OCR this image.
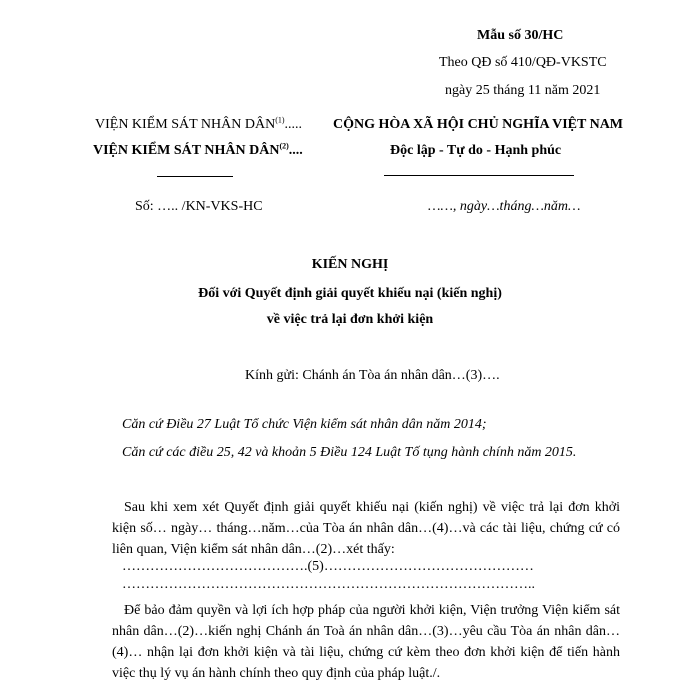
Mẫu số 30/HC
Theo QĐ số 410/QĐ-VKSTC
ngày 25 tháng 11 năm 2021
VIỆN KIỂM SÁT NHÂN DÂN$^{(1)}$.....
VIỆN KIỂM SÁT NHÂN DÂN$^{(2)}$....
Số: ….. /KN-VKS-HC
CỘNG HÒA XÃ HỘI CHỦ NGHĨA VIỆT NAM
Độc lập - Tự do - Hạnh phúc
……, ngày…tháng…năm…
KIẾN NGHỊ
Đối với Quyết định giải quyết khiếu nại (kiến nghị)
về việc trả lại đơn khởi kiện
Kính gửi: Chánh án Tòa án nhân dân…(3)….
Căn cứ Điều 27 Luật Tổ chức Viện kiểm sát nhân dân năm 2014;
Căn cứ các điều 25, 42 và khoản 5 Điều 124 Luật Tố tụng hành chính năm 2015.
Sau khi xem xét Quyết định giải quyết khiếu nại (kiến nghị) về việc trả lại đơn khởi kiện số… ngày… tháng…năm…của Tòa án nhân dân…(4)…và các tài liệu, chứng cứ có liên quan, Viện kiểm sát nhân dân…(2)…xét thấy:
………………………………….(5)………………………………………
……………………………………………………………………………..
Để bảo đảm quyền và lợi ích hợp pháp của người khởi kiện, Viện trưởng Viện kiểm sát nhân dân…(2)…kiến nghị Chánh án Toà án nhân dân…(3)…yêu cầu Tòa án nhân dân…(4)… nhận lại đơn khởi kiện và tài liệu, chứng cứ kèm theo đơn khởi kiện để tiến hành việc thụ lý vụ án hành chính theo quy định của pháp luật./.
